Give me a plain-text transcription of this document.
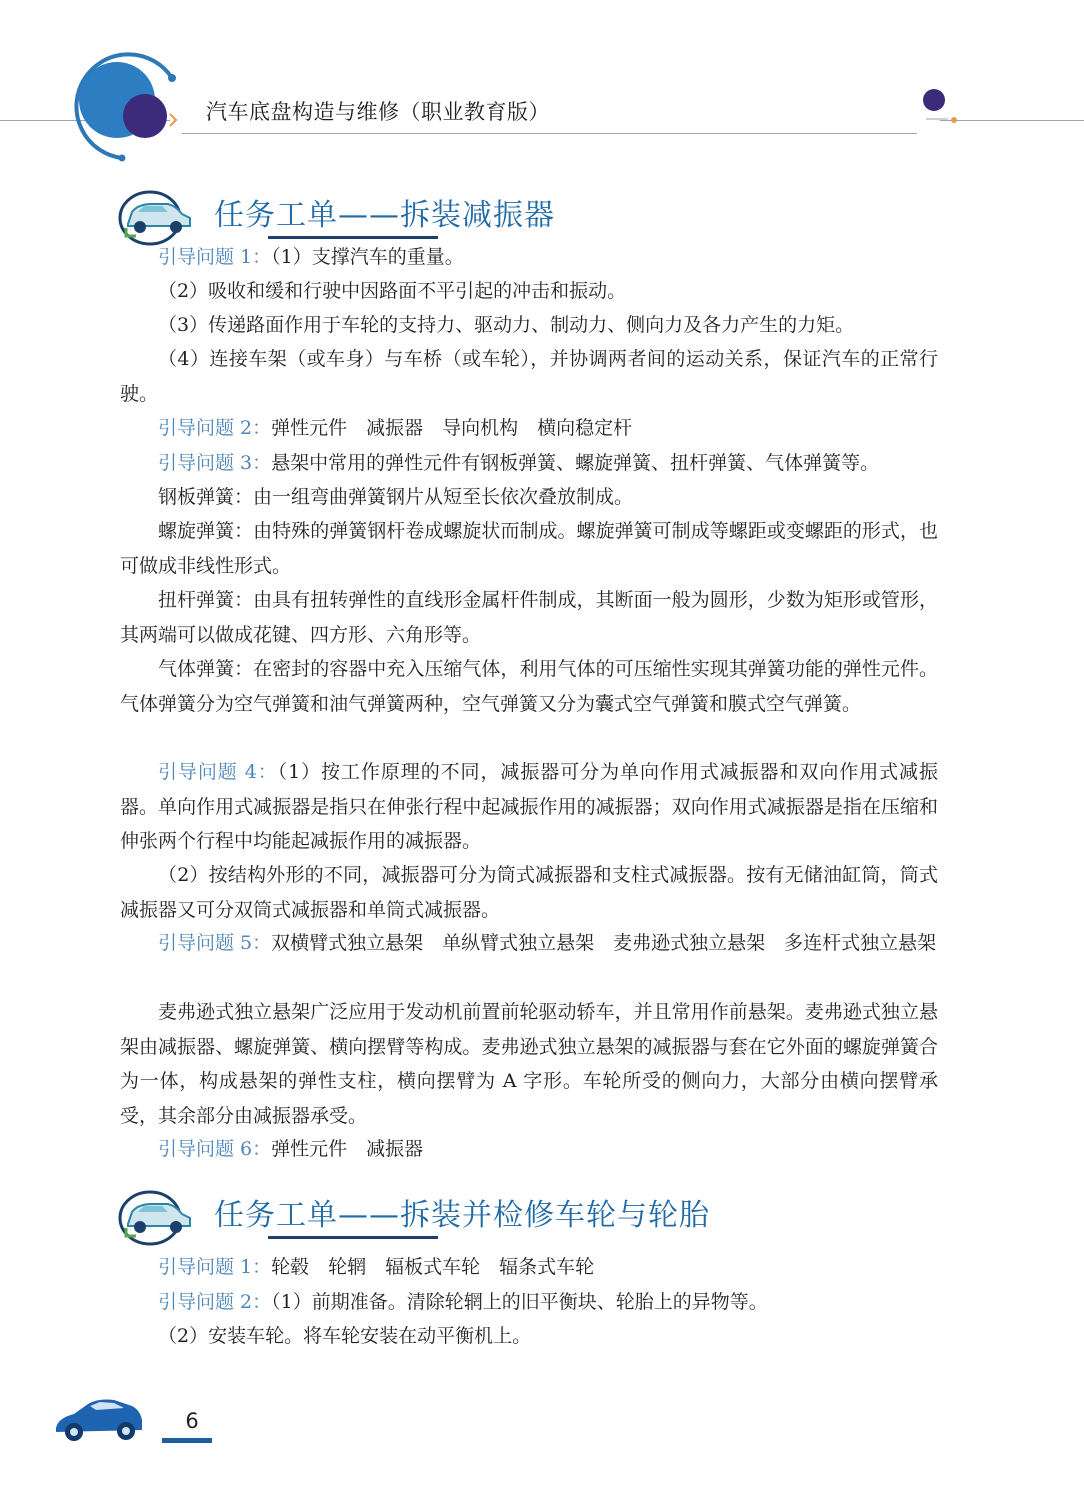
汽车底盘构造与维修（职业教育版）
任务工单——拆装减振器

引导问题 1：（1）支撑汽车的重量。

（2）吸收和缓和行驶中因路面不平引起的冲击和振动。

（3）传递路面作用于车轮的支持力、驱动力、制动力、侧向力及各力产生的力矩。

（4）连接车架（或车身）与车桥（或车轮），并协调两者间的运动关系，保证汽车的正常行驶。

引导问题 2：弹性元件　减振器　导向机构　横向稳定杆

引导问题 3：悬架中常用的弹性元件有钢板弹簧、螺旋弹簧、扭杆弹簧、气体弹簧等。

钢板弹簧：由一组弯曲弹簧钢片从短至长依次叠放制成。

螺旋弹簧：由特殊的弹簧钢杆卷成螺旋状而制成。螺旋弹簧可制成等螺距或变螺距的形式，也可做成非线性形式。

扭杆弹簧：由具有扭转弹性的直线形金属杆件制成，其断面一般为圆形，少数为矩形或管形，其两端可以做成花键、四方形、六角形等。

气体弹簧：在密封的容器中充入压缩气体，利用气体的可压缩性实现其弹簧功能的弹性元件。气体弹簧分为空气弹簧和油气弹簧两种，空气弹簧又分为囊式空气弹簧和膜式空气弹簧。

引导问题 4：（1）按工作原理的不同，减振器可分为单向作用式减振器和双向作用式减振器。单向作用式减振器是指只在伸张行程中起减振作用的减振器；双向作用式减振器是指在压缩和伸张两个行程中均能起减振作用的减振器。

（2）按结构外形的不同，减振器可分为筒式减振器和支柱式减振器。按有无储油缸筒，筒式减振器又可分双筒式减振器和单筒式减振器。

引导问题 5：双横臂式独立悬架　单纵臂式独立悬架　麦弗逊式独立悬架　多连杆式独立悬架

麦弗逊式独立悬架广泛应用于发动机前置前轮驱动轿车，并且常用作前悬架。麦弗逊式独立悬架由减振器、螺旋弹簧、横向摆臂等构成。麦弗逊式独立悬架的减振器与套在它外面的螺旋弹簧合为一体，构成悬架的弹性支柱，横向摆臂为 A 字形。车轮所受的侧向力，大部分由横向摆臂承受，其余部分由减振器承受。

引导问题 6：弹性元件　减振器

任务工单——拆装并检修车轮与轮胎

引导问题 1：轮毂　轮辋　辐板式车轮　辐条式车轮

引导问题 2：（1）前期准备。清除轮辋上的旧平衡块、轮胎上的异物等。

（2）安装车轮。将车轮安装在动平衡机上。

6
